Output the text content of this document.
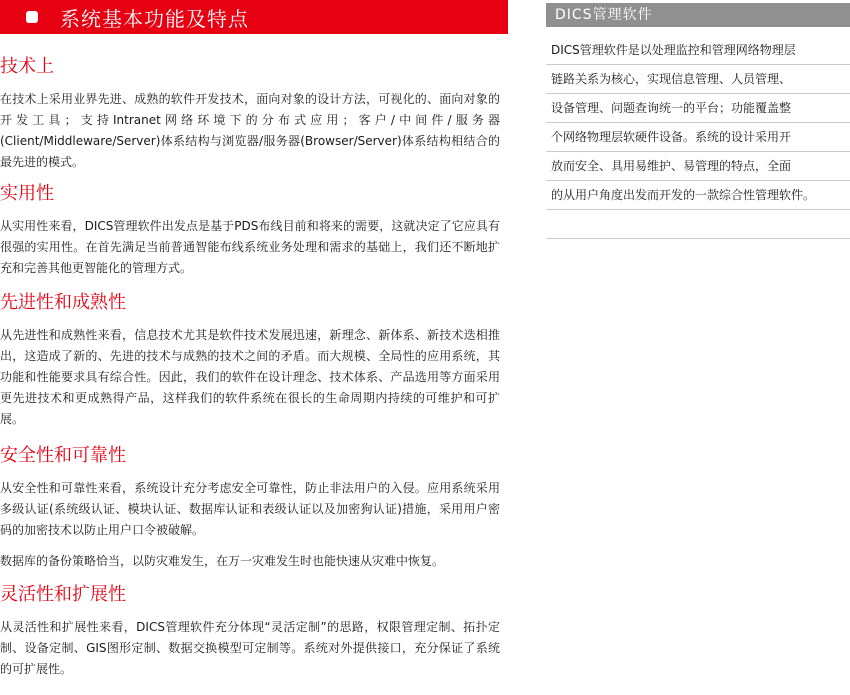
系统基本功能及特点
技术上

在技术上采用业界先进、成熟的软件开发技术，面向对象的设计方法，可视化的、面向对象的开发工具；支持Intranet网络环境下的分布式应用；客户/中间件/服务器(Client/Middleware/Server)体系结构与浏览器/服务器(Browser/Server)体系结构相结合的最先进的模式。

实用性

从实用性来看，DICS管理软件出发点是基于PDS布线目前和将来的需要，这就决定了它应具有很强的实用性。在首先满足当前普通智能布线系统业务处理和需求的基础上，我们还不断地扩充和完善其他更智能化的管理方式。

先进性和成熟性

从先进性和成熟性来看，信息技术尤其是软件技术发展迅速，新理念、新体系、新技术迭相推出，这造成了新的、先进的技术与成熟的技术之间的矛盾。而大规模、全局性的应用系统，其功能和性能要求具有综合性。因此，我们的软件在设计理念、技术体系、产品选用等方面采用更先进技术和更成熟得产品，这样我们的软件系统在很长的生命周期内持续的可维护和可扩展。

安全性和可靠性

从安全性和可靠性来看，系统设计充分考虑安全可靠性，防止非法用户的入侵。应用系统采用多级认证(系统级认证、模块认证、数据库认证和表级认证以及加密狗认证)措施，采用用户密码的加密技术以防止用户口令被破解。

数据库的备份策略恰当，以防灾难发生，在万一灾难发生时也能快速从灾难中恢复。

灵活性和扩展性

从灵活性和扩展性来看，DICS管理软件充分体现“灵活定制”的思路，权限管理定制、拓扑定制、设备定制、GIS图形定制、数据交换模型可定制等。系统对外提供接口，充分保证了系统的可扩展性。

DICS管理软件
DICS管理软件是以处理监控和管理网络物理层
链路关系为核心，实现信息管理、人员管理、
设备管理、问题查询统一的平台；功能覆盖整
个网络物理层软硬件设备。系统的设计采用开
放而安全、具用易维护、易管理的特点，全面
的从用户角度出发而开发的一款综合性管理软件。
